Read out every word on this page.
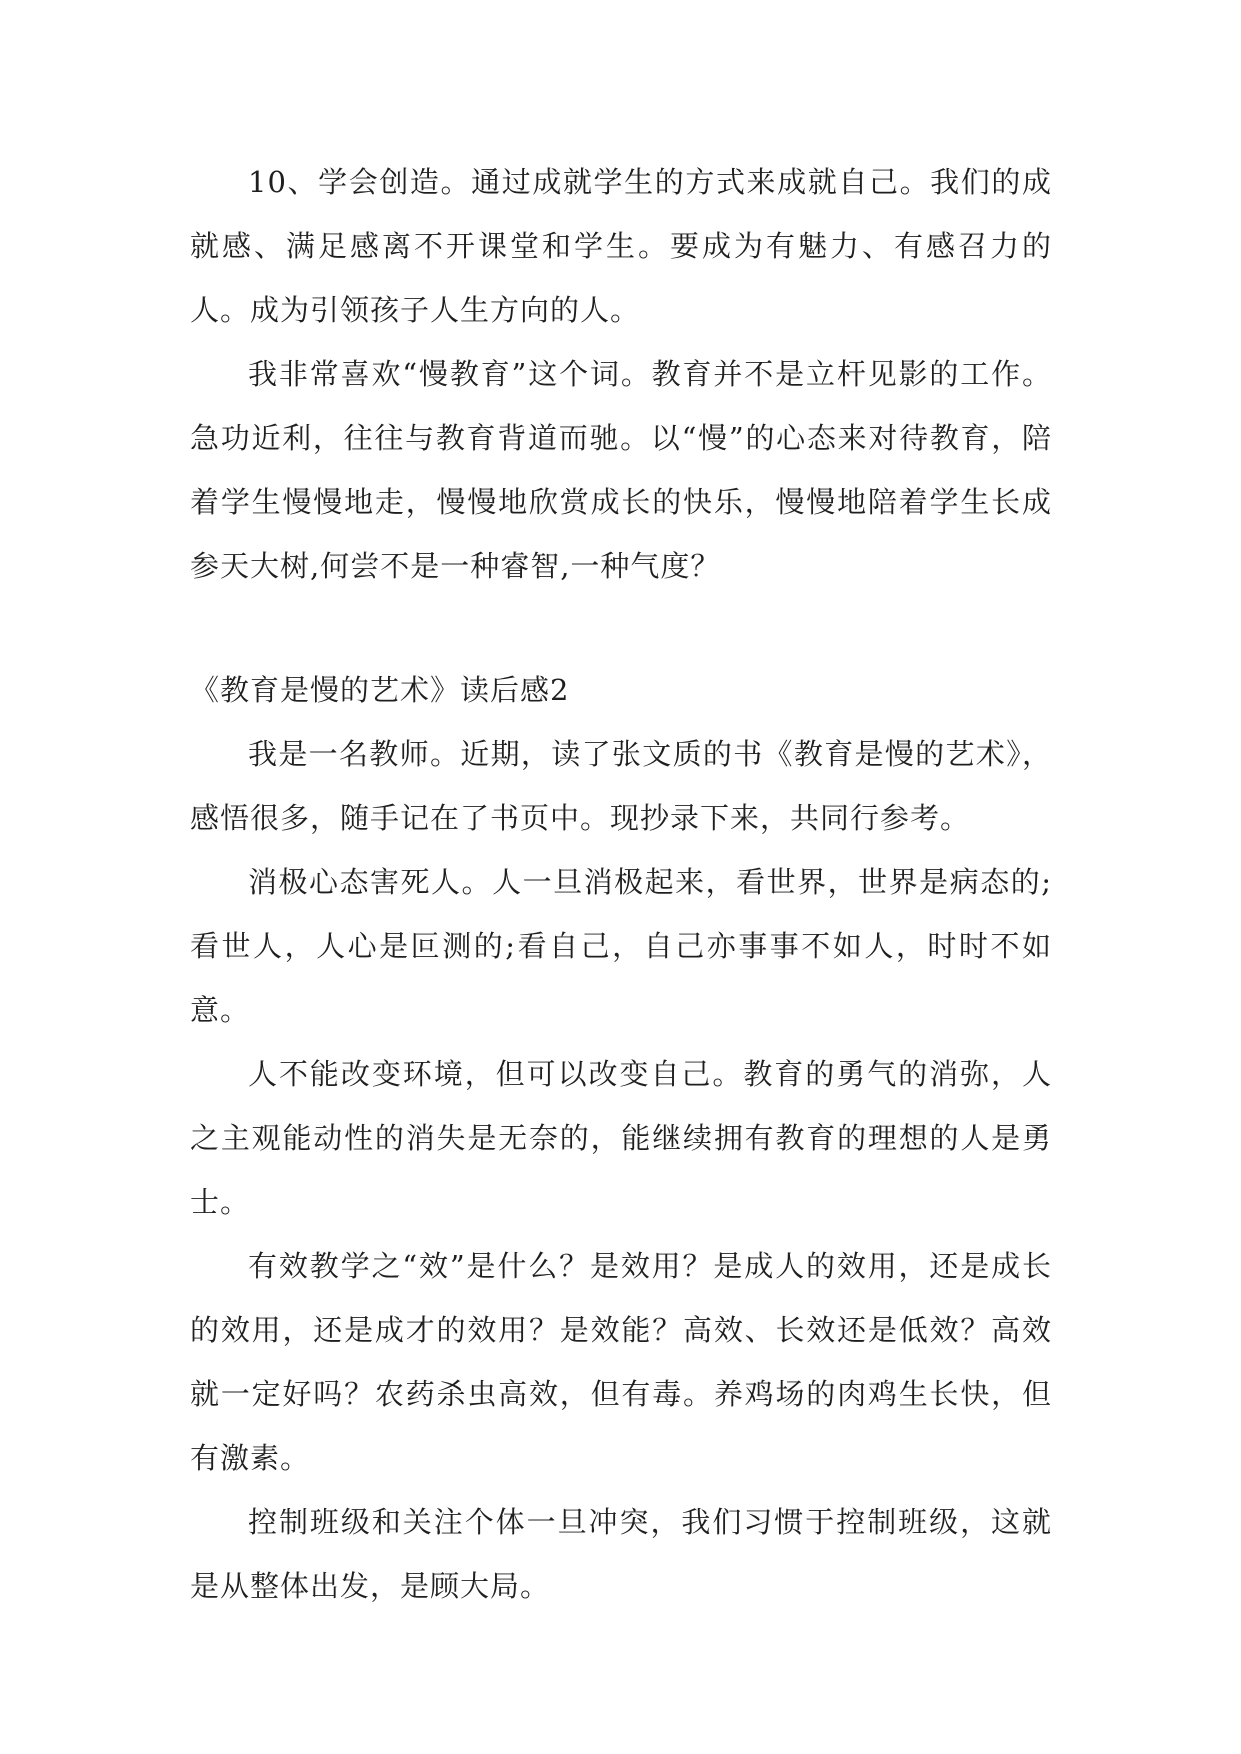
10、学会创造。通过成就学生的方式来成就自己。我们的成就感、满足感离不开课堂和学生。要成为有魅力、有感召力的人。成为引领孩子人生方向的人。

我非常喜欢“慢教育”这个词。教育并不是立杆见影的工作。急功近利，往往与教育背道而驰。以“慢”的心态来对待教育，陪着学生慢慢地走，慢慢地欣赏成长的快乐，慢慢地陪着学生长成参天大树,何尝不是一种睿智,一种气度？

《教育是慢的艺术》读后感2

我是一名教师。近期，读了张文质的书《教育是慢的艺术》，感悟很多，随手记在了书页中。现抄录下来，共同行参考。

消极心态害死人。人一旦消极起来，看世界，世界是病态的;看世人，人心是叵测的;看自己，自己亦事事不如人，时时不如意。

人不能改变环境，但可以改变自己。教育的勇气的消弥，人之主观能动性的消失是无奈的，能继续拥有教育的理想的人是勇士。

有效教学之“效”是什么？是效用？是成人的效用，还是成长的效用，还是成才的效用？是效能？高效、长效还是低效？高效就一定好吗？农药杀虫高效，但有毒。养鸡场的肉鸡生长快，但有激素。

控制班级和关注个体一旦冲突，我们习惯于控制班级，这就是从整体出发，是顾大局。
